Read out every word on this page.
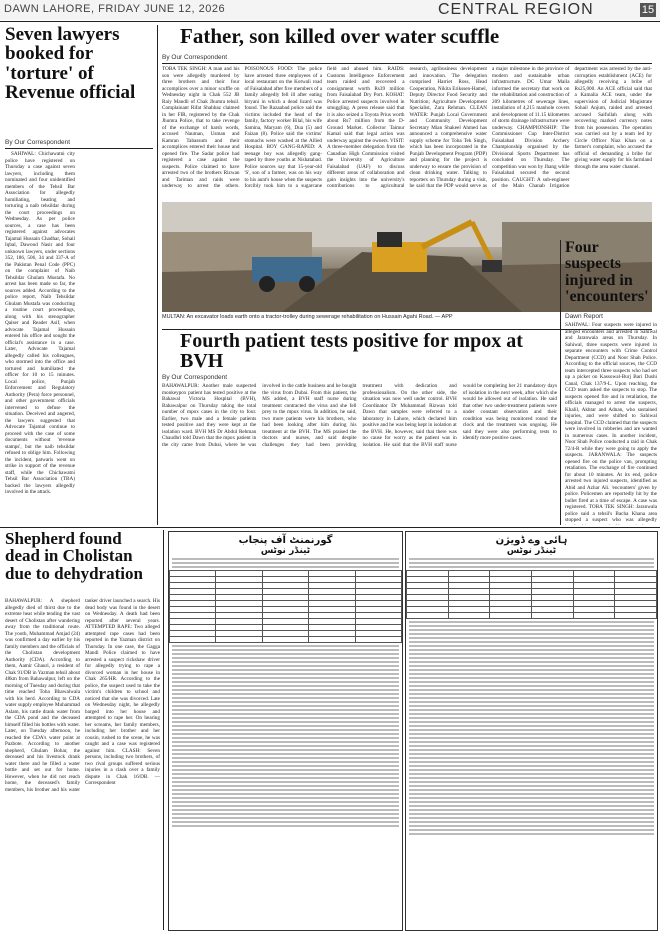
DAWN LAHORE, FRIDAY JUNE 12, 2026	CENTRAL REGION	15
Seven lawyers booked for 'torture' of Revenue official
By Our Correspondent

SAHIWAL: Chichawatni city police have registered on Thursday a case against seven lawyers, including them nominated and four unidentified members of the Tehsil Bar Association for allegedly humiliating, beating and torturing a naib tehsildar during the court proceedings on Wednesday. As per police sources, a case has been registered against advocates Tajamal Hussain Chadhar, Sohail Iqbal, Dawood Nasir and four unknown lawyers, under sections 352, 186, 506, 34 and 337-A of the Pakistan Penal Code (PPC) on the complaint of Naib Tehsildar Ghulam Mustafa. No arrest has been made so far, the sources added. According to the police report, Naib Tehsildar Ghulam Mustafa was conducting a routine court proceedings, along with his stenographer Qaiser and Reader Asif, when advocate Tajamal Hussain entered his office and sought the official's assistance in a case. Later, Advocate Tajamal allegedly called his colleagues, who stormed into the office and tortured and humiliated the officer for 10 to 15 minutes. Local police, Punjab Enforcement and Regulatory Authority (Pera) force personnel, and other government officials intervened to defuse the situation. Deceived and angered, the lawyers suggested that Advocate Tajamal continue to proceed with the case of some documents without 'revenue stamps', but the naib tehsildar refused to oblige him. Following the incident, patwaris went on strike in support of the revenue staff, while the Chichawatni Tehsil Bar Association (TBA) backed the lawyers allegedly involved in the attack.

Father, son killed over water scuffle
By Our Correspondent
TOBA TEK SINGH: A man and his son were allegedly murdered by three brothers and their four accomplices over a minor scuffle on Wednesday night in Chak 552 JB Raiy Mandli of Chak Jhumra tehsil. Complainant Rifat Shahbaz claimed in her FIR, registered by the Chak Jhumra Police, that to take revenge of the exchange of harsh words, accused Nauman, Usman and Kamran Tabassum and their accomplices entered their house and opened fire. The Sadar police had registered a case against the suspects. Police claimed to have arrested two of the brothers Rizwan and Tariman and raids were underway to arrest the others. POISONOUS FOOD: The police have arrested three employees of a local restaurant on the Kotwali road of Faisalabad after five members of a family allegedly fell ill after eating biryani in which a dead lizard was found. The Razaabad police said the victims included the head of the family, factory worker Bilal, his wife Samina, Maryam (6), Dua (5) and Faizan (8). Police said the victims' stomachs were washed at the Allied Hospital. BOY GANG-RAPED: A teenage boy was allegedly gang-raped by three youths at Nishatabad. Police sources say that 15-year-old 'S', son of a farmer, was on his way to his aunt's house when the suspects forcibly took him to a sugarcane field and abused him. RAIDS: Customs Intelligence Enforcement team raided and recovered a consignment worth Rs39 million from Faisalabad Dry Port. KOHAT: Police arrested suspects involved in smuggling. A press release said that it is also seized a Toyota Prius worth about Rs7 million from the D-Ground Market. Collector Taimur Kamal said that legal action was underway against the owners. VISIT: A three-member delegation from the Canadian High Commission visited the University of Agriculture Faisalabad (UAF) to discuss different areas of collaboration and gain insights into the university's contributions to agricultural research, agribusiness development and innovation. The delegation comprised Harriet Ross, Head Cooperation, Nikita Erikssen-Hamel, Deputy Director Food Security and Nutrition; Agriculture Development Specialist, Zara Rehman. CLEAN WATER: Punjab Local Government and Community Development Secretary Mian Shakeel Ahmed has announced a comprehensive water supply scheme for Toba Tek Singh, which has been incorporated in the Punjab Development Program (PDP) and planning for the project is underway to ensure the provision of clean drinking water. Talking to reporters on Thursday during a visit, he said that the PDP would serve as a major milestone in the province of modern and sustainable urban infrastructure. DC Umar Maila informed the secretary that work on the rehabilitation and construction of 209 kilometres of sewerage lines, installation of 4,215 manhole covers and development of 11.15 kilometres of storm drainage infrastructure were underway. CHAMPIONSHIP: The Commissioner Cup Inter-District Faisalabad Division Archery Championship organised by the Divisional Sports Department has concluded on Thursday. The competition was won by Jhang while Faisalabad secured the second position. CAUGHT: A sub-engineer of the Main Chanab Irrigation department was arrested by the anti-corruption establishment (ACE) for allegedly receiving a bribe of Rs25,000. An ACE official said that a Kamalia ACE team, under the supervision of Judicial Magistrate Sohail Anjum, raided and arrested accused Saifullah along with recovering marked currency notes from his possession. The operation was carried out by a team led by Circle Officer Niaz Khan on a farmer's complaint, who accused the official of demanding a bribe for giving water supply for his farmland through the area water channel.
MULTAN: An excavator loads earth onto a tractor-trolley during sewerage rehabilitation on Hussain Agahi Road. — APP
Fourth patient tests positive for mpox at BVH
By Our Correspondent
BAHAWALPUR: Another male suspected monkeypox patient has tested positive at the Bahawal Victoria Hospital (BVH), Bahawalpur on Thursday taking the total number of mpox cases in the city to four. Earlier, two male and a female patients tested positive and they were kept at the isolation ward. BVH MS Dr Abdul Rehman Chaudhri told Dawn that the mpox patient in the city came from Dubai, where he was involved in the cattle business and he bought the virus from Dubai. From this patient, the MS added, a BVH staff nurse during treatment contracted the virus and she fell prey to the mpox virus. In addition, he said, two more patients were his brothers, who had been looking after him during his treatment at the BVH. The MS praised the doctors and nurses, and said despite challenges they had been providing treatment with dedication and professionalism. On the other side, the situation was now well under control. BVH Coordinator Dr Muhammad Rizwan told Dawn that samples were referred to a laboratory in Lahore, which declared him positive and he was being kept in isolation at the BVH. He, however, said that there was no cause for worry as the patient was in isolation. He said that the BVH staff nurse would be completing her 21 mandatory days of isolation in the next week, after which she would be allowed out of isolation. He said that other two under-treatment patients were under constant observation and their condition was being monitored round the clock and the treatment was ongoing. He said they were also performing tests to identify more positive cases.
Four suspects injured in 'encounters'
Dawn Report
SAHIWAL: Four suspects were injured in alleged encounters and arrested in Sahiwal and Jaranwala areas on Thursday. In Sahiwal, three suspects were injured in separate encounters with Crime Control Department (CCD) and Noor Shah Police. According to the official sources, the CCD team intercepted three suspects who had set up a picket on Kassowal-Burj Bari Dushi Canal, Chak 137/9-L. Upon reaching, the CCD team asked the suspects to stop. The suspects opened fire and in retaliation, the officials managed to arrest the suspects, Khalil, Akhtar and Adnan, who sustained injuries, and were shifted to Sahiwal hospital. The CCD claimed that the suspects were involved in robberies and are wanted in numerous cases. In another incident, Noor Shah Police conducted a raid in Chak 72/4-R while they were going to apply the suspects. JARANWALA: The suspects opened fire on the police van, prompting retaliation. The exchange of fire continued for about 10 minutes. At its end, police arrested two injured suspects, identified as Abid and Azhar Ali. 'encounters' given by police. Policemen are reportedly hit by the bullet fired at a time of escape. A case was registered. TOBA TEK SINGH: Jaranwala police said a tehsil's Bacha Khana area stopped a suspect who was allegedly
Shepherd found dead in Cholistan due to dehydration
BAHAWALPUR: A shepherd allegedly died of thirst due to the extreme heat while tending the vast desert of Cholistan after wandering away from the traditional route. The youth, Muhammad Amjad (24) was confirmed a day earlier by his family members and the officials of the Cholistan development Authority (CDA). According to them, Aamir Ghauri, a resident of Chak 91/DB in Yazman tehsil about 48km from Bahawalpur, left on the morning of Tuesday and during that time reached Toba Bhawalwala with his herd. According to CDA water supply employee Muhammad Aslam, his cattle drank water from the CDA pond and the deceased himself filled his bottles with water. Later, on Tuesday afternoon, he reached the CDA's water point at Pazbote. According to another shepherd, Ghulam Bohar, the deceased and his livestock drank water there and he filled a water bottle and set out for home. However, when he did not reach home, the deceased's family members, his brother and his water tanker driver launched a search. His dead body was found in the desert on Wednesday. A death had been reported after several years. ATTEMPTED RAPE: Two alleged attempted rape cases had been reported in the Yazman district on Thursday. In one case, the Gagga Mandi Police claimed to have arrested a suspect rickshaw driver for allegedly trying to rape a divorced woman in her house in Chak 265/HR. According to the police, the suspect used to take the victim's children to school and noticed that she was divorced. Late on Wednesday night, he allegedly barged into her house and attempted to rape her. On hearing her screams, her family members, including her brother and her cousin, rushed to the scene, he was caught and a case was registered against him. CLASH: Seven persons, including two brothers, of two rival groups suffered serious injuries in a clash over a family dispute in Chak 16/DB. — Correspondent
گورنمنٹ آف پنجاب
ٹینڈر نوٹس

ہائی وے ڈویژن
ٹینڈر نوٹس
